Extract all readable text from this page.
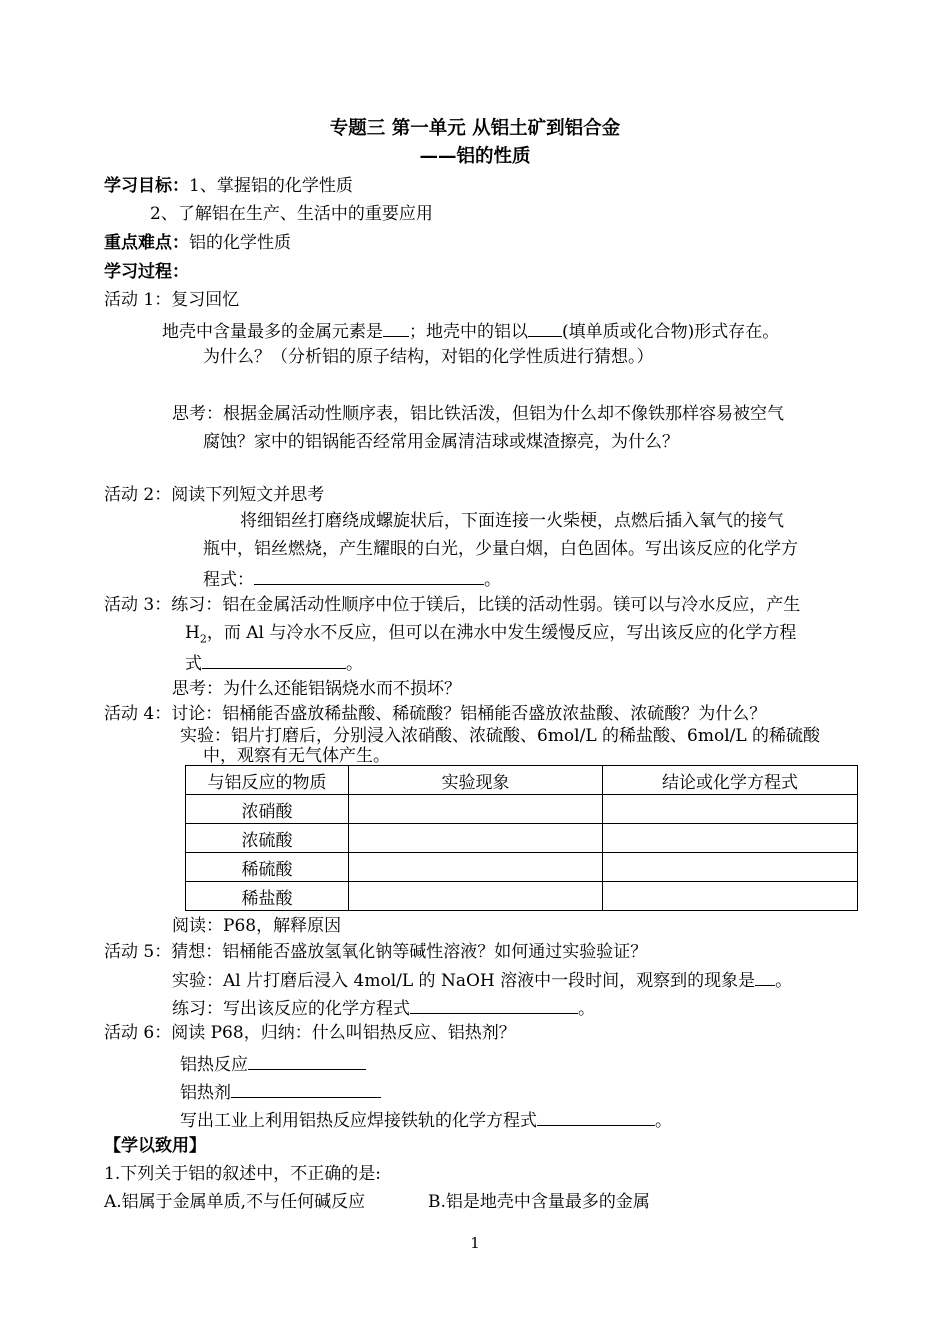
专题三 第一单元 从铝土矿到铝合金
——铝的性质
学习目标：1、掌握铝的化学性质
2、了解铝在生产、生活中的重要应用
重点难点：铝的化学性质
学习过程：
活动 1：复习回忆
地壳中含量最多的金属元素是 ；地壳中的铝以 (填单质或化合物)形式存在。
为什么？（分析铝的原子结构，对铝的化学性质进行猜想。）
思考：根据金属活动性顺序表，铝比铁活泼，但铝为什么却不像铁那样容易被空气
腐蚀？家中的铝锅能否经常用金属清洁球或煤渣擦亮，为什么？
活动 2：阅读下列短文并思考
将细铝丝打磨绕成螺旋状后，下面连接一火柴梗，点燃后插入氧气的接气
瓶中，铝丝燃烧，产生耀眼的白光，少量白烟，白色固体。写出该反应的化学方
程式：	。
活动 3：练习：铝在金属活动性顺序中位于镁后，比镁的活动性弱。镁可以与冷水反应，产生
$H_2$，而 Al 与冷水不反应，但可以在沸水中发生缓慢反应，写出该反应的化学方程
式	。
思考：为什么还能铝锅烧水而不损坏？
活动 4：讨论：铝桶能否盛放稀盐酸、稀硫酸？铝桶能否盛放浓盐酸、浓硫酸？为什么？
实验：铝片打磨后，分别浸入浓硝酸、浓硫酸、6mol/L 的稀盐酸、6mol/L 的稀硫酸
中，观察有无气体产生。
与铝反应的物质	实验现象	结论或化学方程式
浓硝酸		
浓硫酸		
稀硫酸		
稀盐酸		
阅读：P68，解释原因
活动 5：猜想：铝桶能否盛放氢氧化钠等碱性溶液？如何通过实验验证？
实验：Al 片打磨后浸入 4mol/L 的 NaOH 溶液中一段时间，观察到的现象是 。
练习：写出该反应的化学方程式	。
活动 6：阅读 P68，归纳：什么叫铝热反应、铝热剂？
铝热反应
铝热剂
写出工业上利用铝热反应焊接铁轨的化学方程式	。
【学以致用】
1.下列关于铝的叙述中，不正确的是:
A.铝属于金属单质,不与任何碱反应	B.铝是地壳中含量最多的金属
1
